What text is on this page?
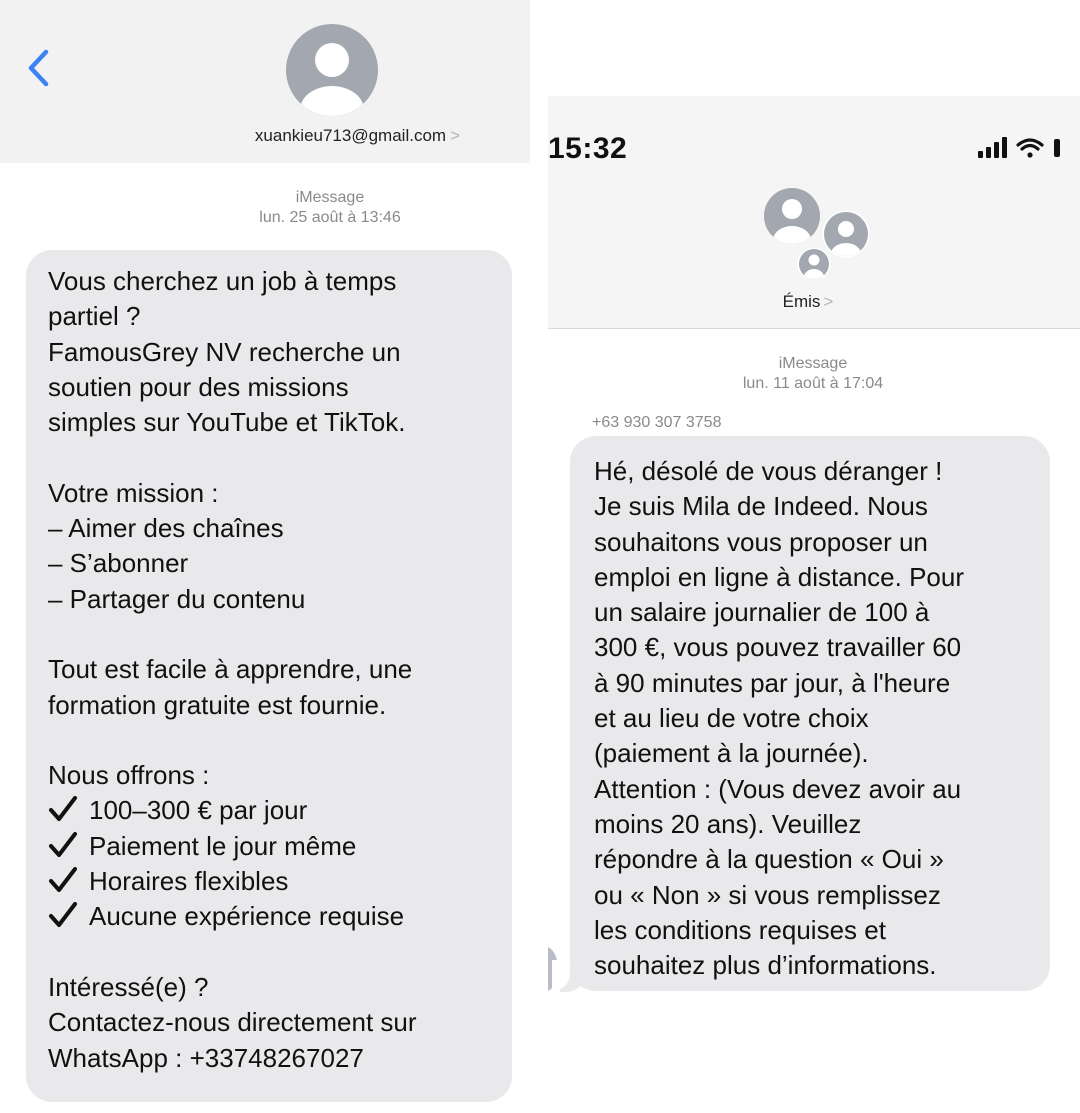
xuankieu713@gmail.com >
iMessage
lun. 25 août à 13:46
Vous cherchez un job à temps
partiel ?
FamousGrey NV recherche un
soutien pour des missions
simples sur YouTube et TikTok.
Votre mission :
– Aimer des chaînes
– S’abonner
– Partager du contenu
Tout est facile à apprendre, une
formation gratuite est fournie.
Nous offrons :
100–300 € par jour
Paiement le jour même
Horaires flexibles
Aucune expérience requise
Intéressé(e) ?
Contactez-nous directement sur
WhatsApp : +33748267027
15:32
Émis >
iMessage
lun. 11 août à 17:04
+63 930 307 3758
Hé, désolé de vous déranger !
Je suis Mila de Indeed. Nous
souhaitons vous proposer un
emploi en ligne à distance. Pour
un salaire journalier de 100 à
300 €, vous pouvez travailler 60
à 90 minutes par jour, à l'heure
et au lieu de votre choix
(paiement à la journée).
Attention : (Vous devez avoir au
moins 20 ans). Veuillez
répondre à la question « Oui »
ou « Non » si vous remplissez
les conditions requises et
souhaitez plus d’informations.
